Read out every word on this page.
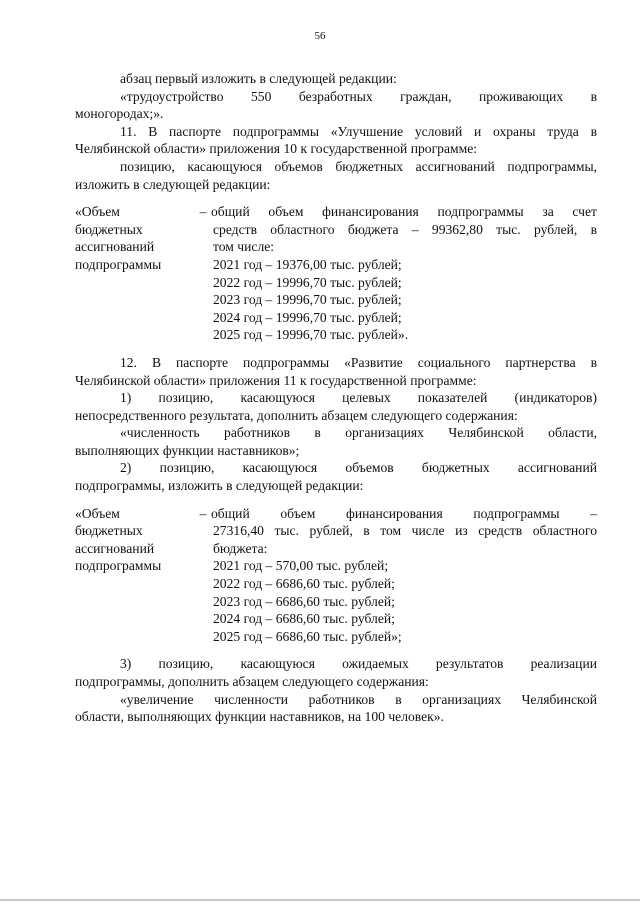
56

абзац первый изложить в следующей редакции:

«трудоустройство 550 безработных граждан, проживающих в

моногородах;».

11. В паспорте подпрограммы «Улучшение условий и охраны труда в

Челябинской области» приложения 10 к государственной программе:

позицию, касающуюся объемов бюджетных ассигнований подпрограммы,

изложить в следующей редакции:

«Объем
бюджетных
ассигнований
подпрограммы
– общий объем финансирования подпрограммы за счет
средств областного бюджета – 99362,80 тыс. рублей, в
том числе:
2021 год – 19376,00 тыс. рублей;
2022 год – 19996,70 тыс. рублей;
2023 год – 19996,70 тыс. рублей;
2024 год – 19996,70 тыс. рублей;
2025 год – 19996,70 тыс. рублей».

12. В паспорте подпрограммы «Развитие социального партнерства в

Челябинской области» приложения 11 к государственной программе:

1) позицию, касающуюся целевых показателей (индикаторов)

непосредственного результата, дополнить абзацем следующего содержания:

«численность работников в организациях Челябинской области,

выполняющих функции наставников»;

2) позицию, касающуюся объемов бюджетных ассигнований

подпрограммы, изложить в следующей редакции:

«Объем
бюджетных
ассигнований
подпрограммы
– общий объем финансирования подпрограммы –
27316,40 тыс. рублей, в том числе из средств областного
бюджета:
2021 год – 570,00 тыс. рублей;
2022 год – 6686,60 тыс. рублей;
2023 год – 6686,60 тыс. рублей;
2024 год – 6686,60 тыс. рублей;
2025 год – 6686,60 тыс. рублей»;

3) позицию, касающуюся ожидаемых результатов реализации

подпрограммы, дополнить абзацем следующего содержания:

«увеличение численности работников в организациях Челябинской

области, выполняющих функции наставников, на 100 человек».
